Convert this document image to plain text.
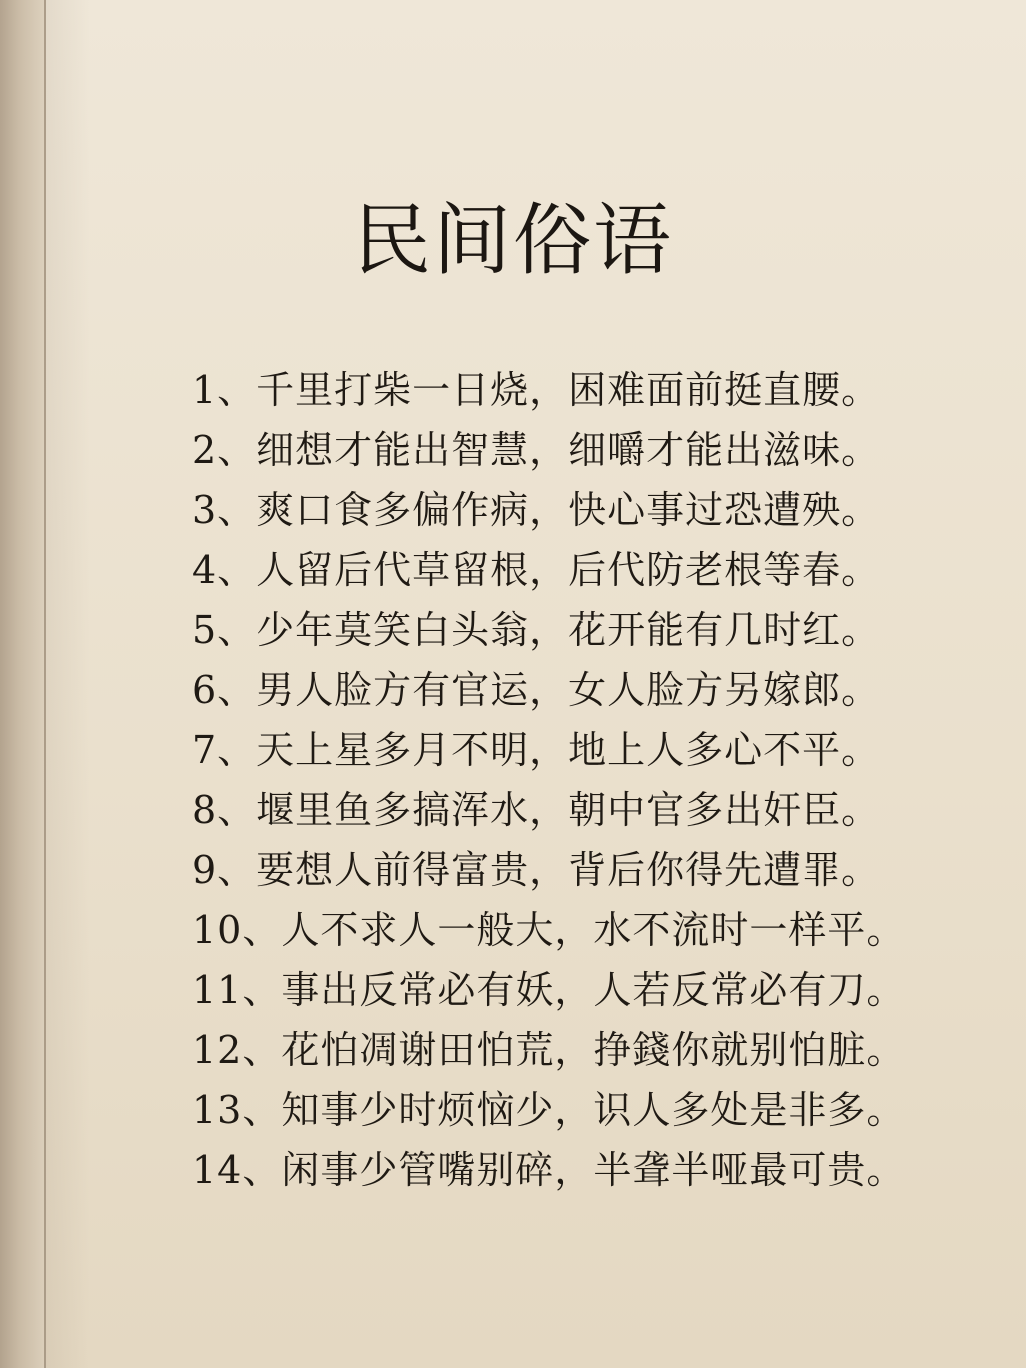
民间俗语
1、千里打柴一日烧，困难面前挺直腰。
2、细想才能出智慧，细嚼才能出滋味。
3、爽口食多偏作病，快心事过恐遭殃。
4、人留后代草留根，后代防老根等春。
5、少年莫笑白头翁，花开能有几时红。
6、男人脸方有官运，女人脸方另嫁郎。
7、天上星多月不明，地上人多心不平。
8、堰里鱼多搞浑水，朝中官多出奸臣。
9、要想人前得富贵，背后你得先遭罪。
10、人不求人一般大，水不流时一样平。
11、事出反常必有妖，人若反常必有刀。
12、花怕凋谢田怕荒，挣錢你就别怕脏。
13、知事少时烦恼少，识人多处是非多。
14、闲事少管嘴别碎，半聋半哑最可贵。
